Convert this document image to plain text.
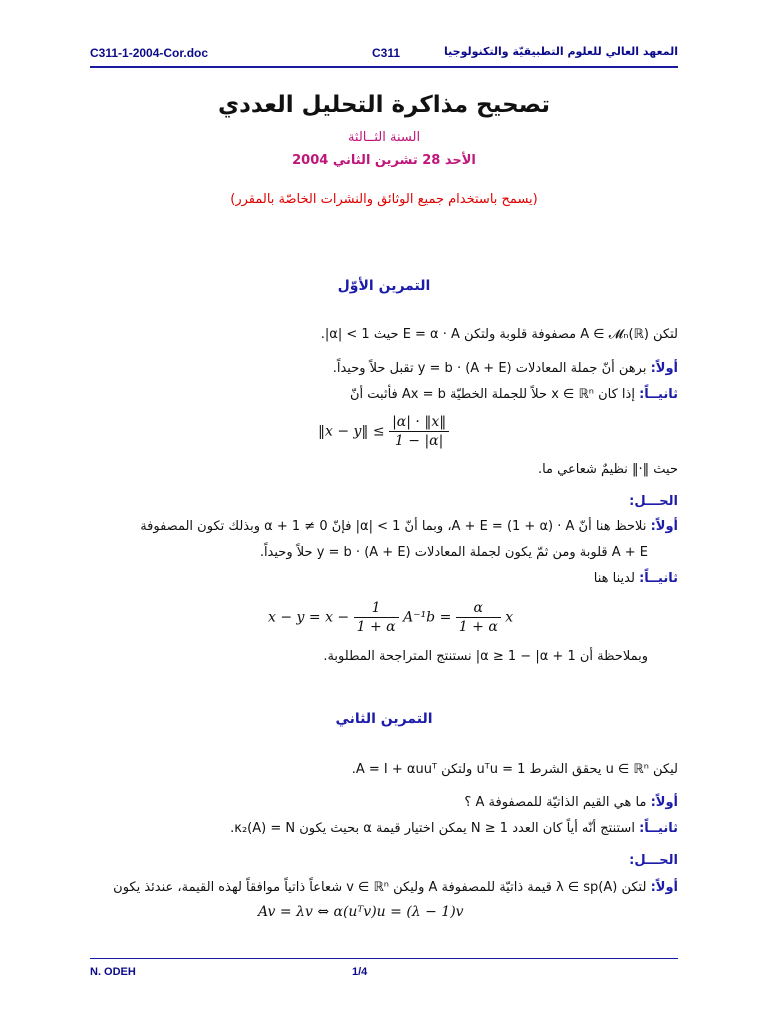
C311-1-2004-Cor.doc	C311	المعهد العالي للعلوم التطبيقيّة والتكنولوجيا
تصحيح مذاكرة التحليل العددي
السنة الثــالثة
الأحد 28 تشرين الثاني 2004
(يسمح باستخدام جميع الوثائق والنشرات الخاصّة بالمقرر)
التمرين الأوّل
لتكن A ∈ 𝓜ₙ(ℝ) مصفوفة قلوبة ولتكن E = α · A حيث 1 > |α|.
أولاً: برهن أنّ جملة المعادلات (A + E) · y = b تقبل حلاً وحيداً.
ثانيــاً: إذا كان x ∈ ℝⁿ حلاً للجملة الخطيّة Ax = b فأثبت أنّ
‖x − y‖ ≤ $\frac{|\alpha| \cdot ‖x‖}{1 - |\alpha|}$
حيث ‖·‖ نظيمٌ شعاعي ما.
الحـــل:
أولاً: نلاحظ هنا أنّ A + E = (1 + α) · A، وبما أنّ 1 > |α| فإنّ 0 ≠ 1 + α وبذلك تكون المصفوفة
A + E قلوبة ومن ثمّ يكون لجملة المعادلات (A + E) · y = b حلاً وحيداً.
ثانيــاً: لدينا هنا
$x - y = x - \frac{1}{1 + \alpha} A^{-1}b = \frac{\alpha}{1 + \alpha}$ x
وبملاحظة أن 1 + α ≥ 1 − |α| نستنتج المتراجحة المطلوبة.
التمرين الثاني
ليكن u ∈ ℝⁿ يحقق الشرط uᵀu = 1 ولتكن A = I + αuuᵀ.
أولاً: ما هي القيم الذاتيّة للمصفوفة A ؟
ثانيــاً: استنتج أنّه أياً كان العدد N ≥ 1 يمكن اختيار قيمة α بحيث يكون κ₂(A) = N.
الحـــل:
أولاً: لتكن λ ∈ sp(A) قيمة ذاتيّة للمصفوفة A وليكن v ∈ ℝⁿ شعاعاً ذاتياً موافقاً لهذه القيمة، عندئذ يكون
Av = λv ⇔ α(uᵀv)u = (λ − 1)v
N. ODEH	1/4
